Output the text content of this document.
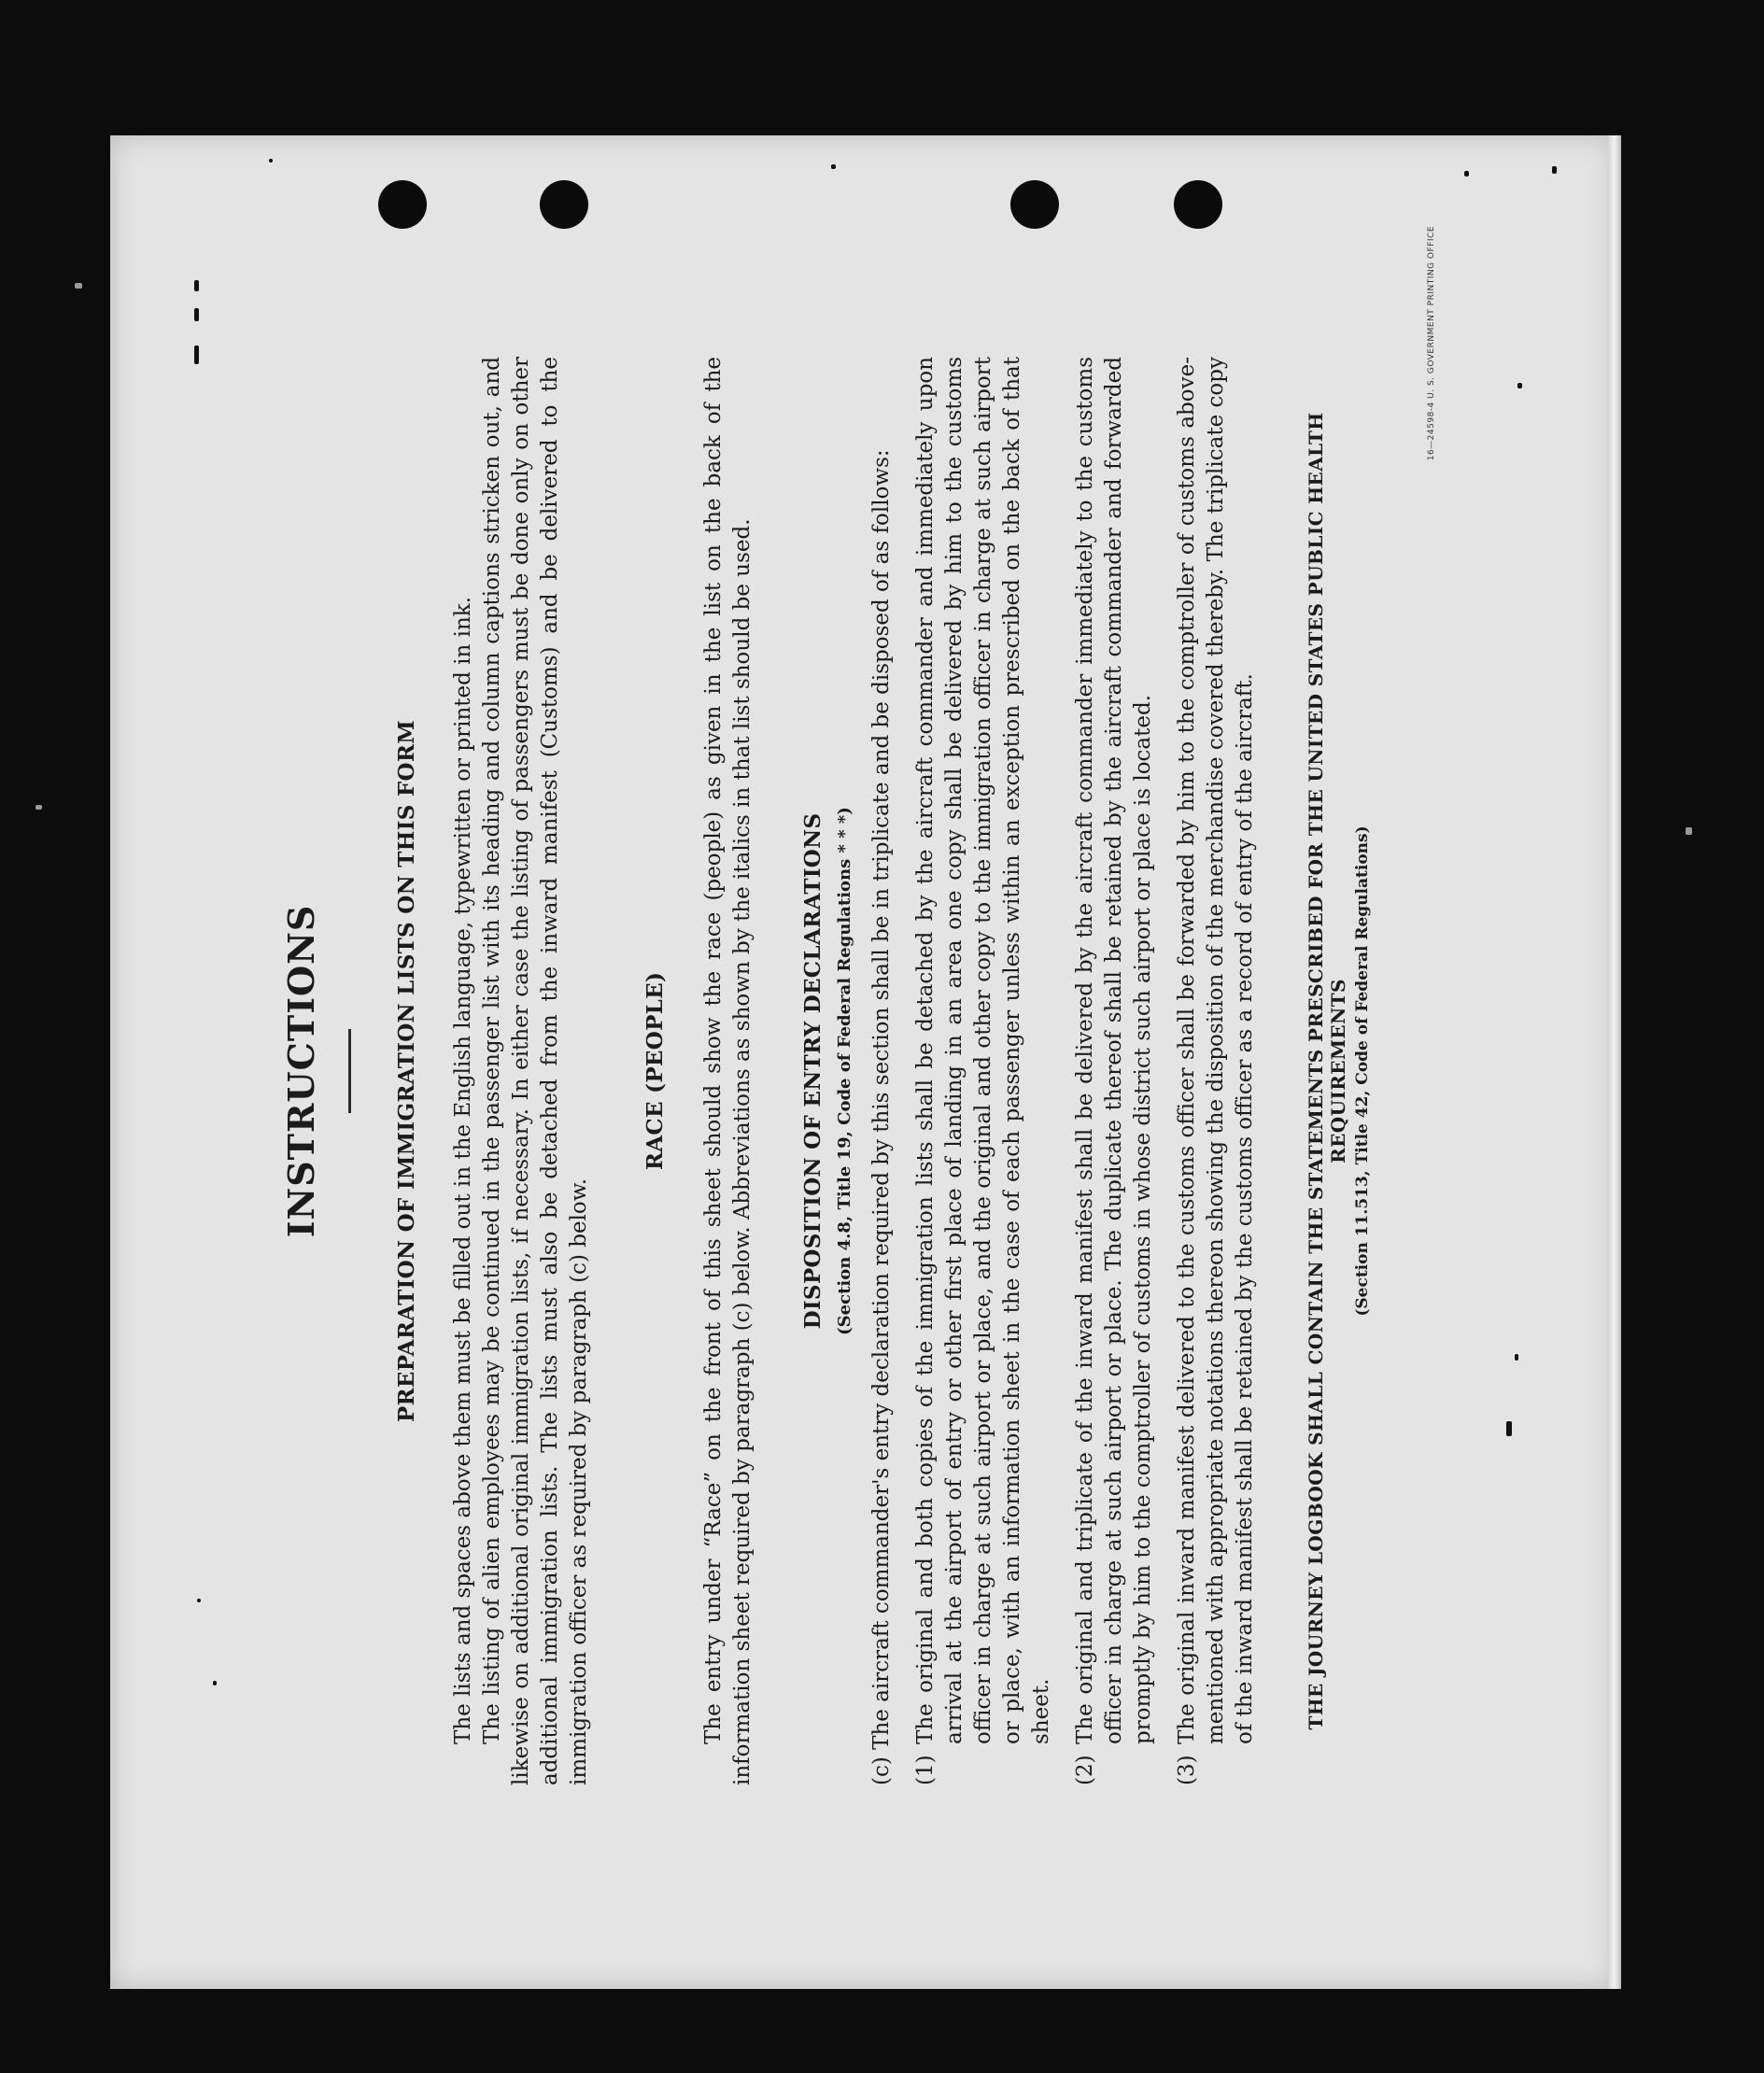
INSTRUCTIONS	PREPARATION OF IMMIGRATION LISTS ON THIS FORM The lists and spaces above them must be filled out in the English language, typewritten or printed in ink. The listing of alien employees may be continued in the passenger list with its heading and column captions stricken out, and likewise on additional original immigration lists, if necessary. In either case the listing of passengers must be done only on other additional immigration lists. The lists must also be detached from the inward manifest (Customs) and be delivered to the immigration officer as required by paragraph (c) below.

RACE (PEOPLE) The entry under “Race” on the front of this sheet should show the race (people) as given in the list on the back of the information sheet required by paragraph (c) below. Abbreviations as shown by the italics in that list should be used. DISPOSITION OF ENTRY DECLARATIONS (Section 4.8, Title 19, Code of Federal Regulations * * *)
(c) The aircraft commander's entry declaration required by this section shall be in triplicate and be disposed of as follows:
(1)The original and both copies of the immigration lists shall be detached by the aircraft commander and immediately upon arrival at the airport of entry or other first place of landing in an area one copy shall be delivered by him to the customs officer in charge at such airport or place, and the original and other copy to the immigration officer in charge at such airport or place, with an information sheet in the case of each passenger unless within an exception prescribed on the back of that sheet.
(2)The original and triplicate of the inward manifest shall be delivered by the aircraft commander immediately to the customs officer in charge at such airport or place. The duplicate thereof shall be retained by the aircraft commander and forwarded promptly by him to the comptroller of customs in whose district such airport or place is located.
(3)The original inward manifest delivered to the customs officer shall be forwarded by him to the comptroller of customs above-mentioned with appropriate notations thereon showing the disposition of the merchandise covered thereby. The triplicate copy of the inward manifest shall be retained by the customs officer as a record of entry of the aircraft.	THE JOURNEY LOGBOOK SHALL CONTAIN THE STATEMENTS PRESCRIBED FOR THE UNITED STATES PUBLIC HEALTH REQUIREMENTS (Section 11.513, Title 42, Code of Federal Regulations)
16—24598-4 U. S. GOVERNMENT PRINTING OFFICE
